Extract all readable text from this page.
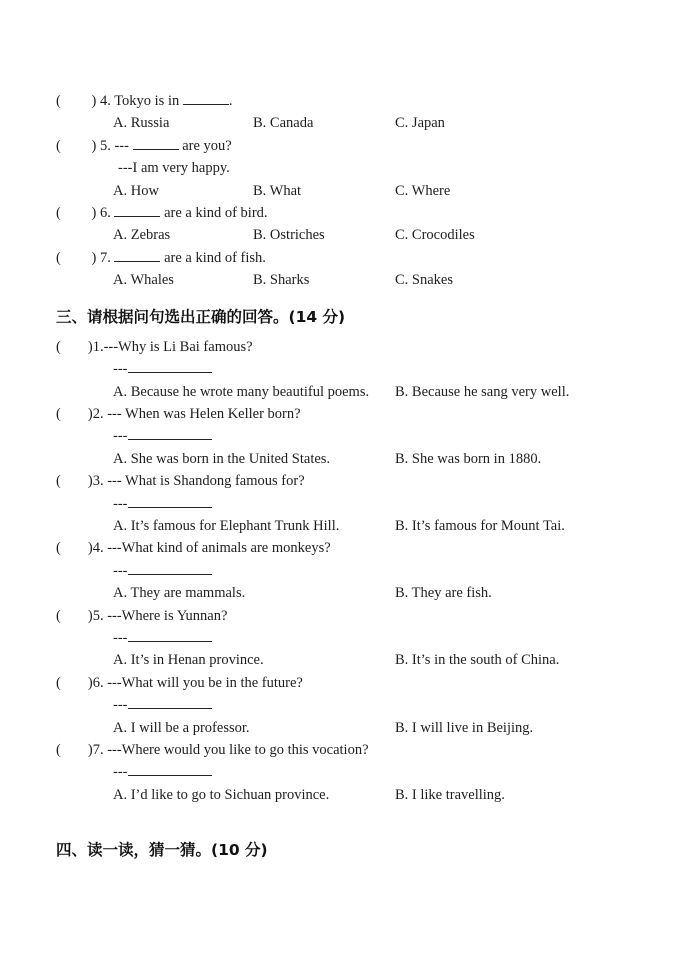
( ) 4. Tokyo is in	.
A. Russia	B. Canada	C. Japan
( ) 5. ---	are you?
---I am very happy.
A. How	B. What	C. Where
( ) 6.	are a kind of bird.
A. Zebras	B. Ostriches	C. Crocodiles
( ) 7.	are a kind of fish.
A. Whales	B. Sharks	C. Snakes
三、请根据问句选出正确的回答。(14 分)
( )1.---Why is Li Bai famous?
---
A. Because he wrote many beautiful poems.	B. Because he sang very well.
( )2. --- When was Helen Keller born?
---
A. She was born in the United States.	B. She was born in 1880.
( )3. --- What is Shandong famous for?
---
A. It’s famous for Elephant Trunk Hill.	B. It’s famous for Mount Tai.
( )4. ---What kind of animals are monkeys?
---
A. They are mammals.	B. They are fish.
( )5. ---Where is Yunnan?
---
A. It’s in Henan province.	B. It’s in the south of China.
( )6. ---What will you be in the future?
---
A. I will be a professor.	B. I will live in Beijing.
( )7. ---Where would you like to go this vocation?
---
A. I’d like to go to Sichuan province.	B. I like travelling.
四、读一读，猜一猜。(10 分)
